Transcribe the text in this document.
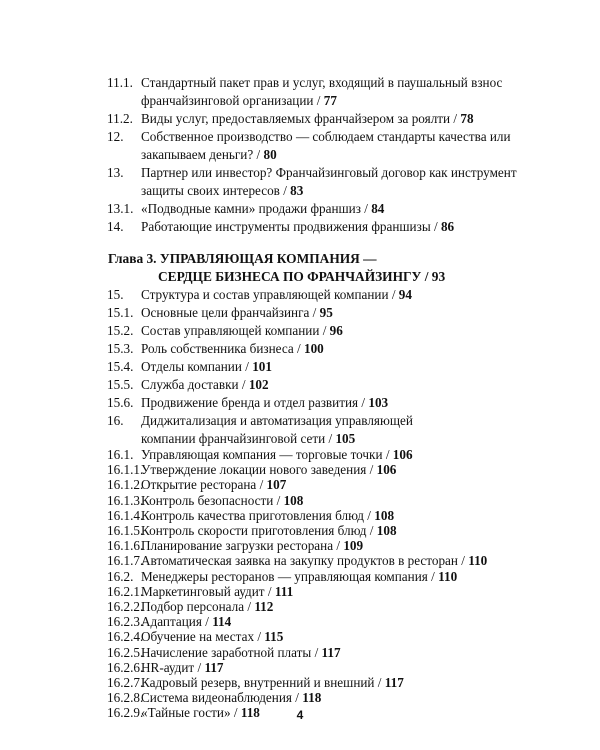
11.1. Стандартный пакет прав и услуг, входящий в паушальный взнос
франчайзинговой организации / 77
11.2. Виды услуг, предоставляемых франчайзером за роялти / 78
12. Собственное производство — соблюдаем стандарты качества или
закапываем деньги? / 80
13. Партнер или инвестор? Франчайзинговый договор как инструмент
защиты своих интересов / 83
13.1. «Подводные камни» продажи франшиз / 84
14. Работающие инструменты продвижения франшизы / 86
Глава 3. УПРАВЛЯЮЩАЯ КОМПАНИЯ —
СЕРДЦЕ БИЗНЕСА ПО ФРАНЧАЙЗИНГУ / 93
15. Структура и состав управляющей компании / 94
15.1. Основные цели франчайзинга / 95
15.2. Состав управляющей компании / 96
15.3. Роль собственника бизнеса / 100
15.4. Отделы компании / 101
15.5. Служба доставки / 102
15.6. Продвижение бренда и отдел развития / 103
16. Диджитализация и автоматизация управляющей
компании франчайзинговой сети / 105
16.1. Управляющая компания — торговые точки / 106
16.1.1.
Утверждение локации нового заведения / 106
16.1.2.
Открытие ресторана / 107
16.1.3.
Контроль безопасности / 108
16.1.4.
Контроль качества приготовления блюд / 108
16.1.5.
Контроль скорости приготовления блюд / 108
16.1.6.
Планирование загрузки ресторана / 109
16.1.7.
Автоматическая заявка на закупку продуктов в ресторан / 110
16.2. Менеджеры ресторанов — управляющая компания / 110
16.2.1.
Маркетинговый аудит / 111
16.2.2.
Подбор персонала / 112
16.2.3.
Адаптация / 114
16.2.4.
Обучение на местах / 115
16.2.5.
Начисление заработной платы / 117
16.2.6.
HR-аудит / 117
16.2.7.
Кадровый резерв, внутренний и внешний / 117
16.2.8.
Система видеонаблюдения / 118
16.2.9.
«Тайные гости» / 118	4
